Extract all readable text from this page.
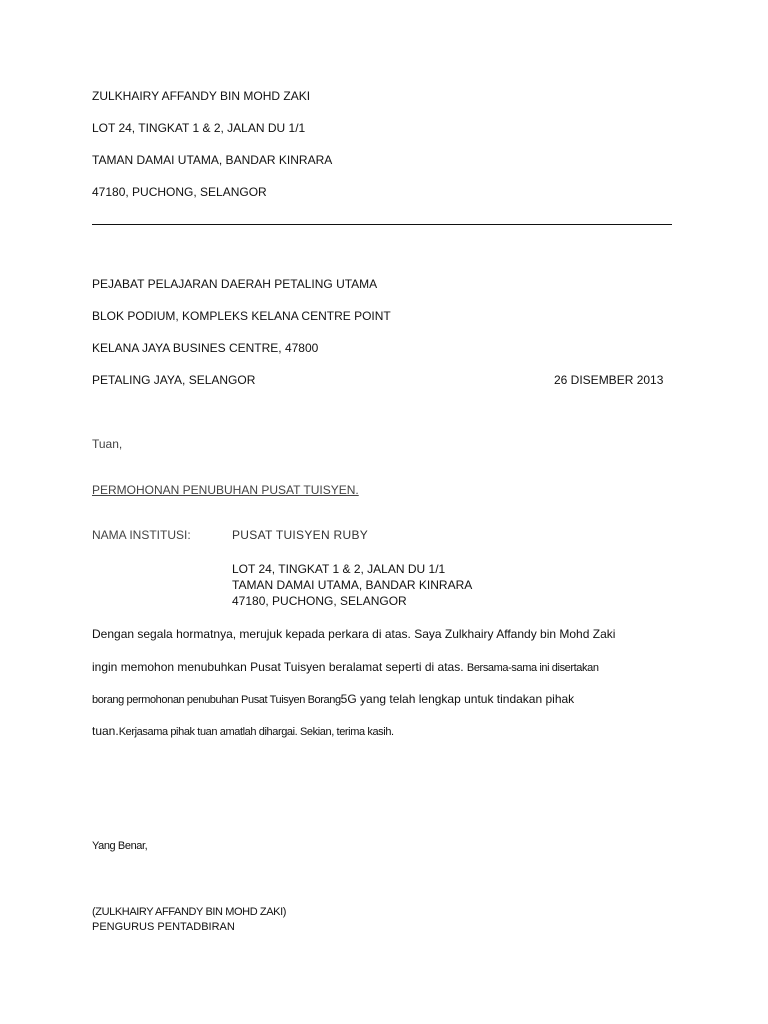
ZULKHAIRY AFFANDY BIN MOHD ZAKI
LOT 24, TINGKAT 1 & 2, JALAN DU 1/1
TAMAN DAMAI UTAMA, BANDAR KINRARA
47180, PUCHONG, SELANGOR
PEJABAT PELAJARAN DAERAH PETALING UTAMA
BLOK PODIUM, KOMPLEKS KELANA CENTRE POINT
KELANA JAYA BUSINES CENTRE, 47800
PETALING JAYA, SELANGOR	26 DISEMBER 2013
Tuan,
PERMOHONAN PENUBUHAN PUSAT TUISYEN.
NAMA INSTITUSI:	PUSAT TUISYEN RUBY
LOT 24, TINGKAT 1 & 2, JALAN DU 1/1
TAMAN DAMAI UTAMA, BANDAR KINRARA
47180, PUCHONG, SELANGOR
Dengan segala hormatnya, merujuk kepada perkara di atas. Saya Zulkhairy Affandy bin Mohd Zaki
ingin memohon menubuhkan Pusat Tuisyen beralamat seperti di atas. Bersama-sama ini disertakan
borang permohonan penubuhan Pusat Tuisyen Borang5G yang telah lengkap untuk tindakan pihak
tuan.Kerjasama pihak tuan amatlah dihargai. Sekian, terima kasih.
Yang Benar,
(ZULKHAIRY AFFANDY BIN MOHD ZAKI)
PENGURUS PENTADBIRAN
